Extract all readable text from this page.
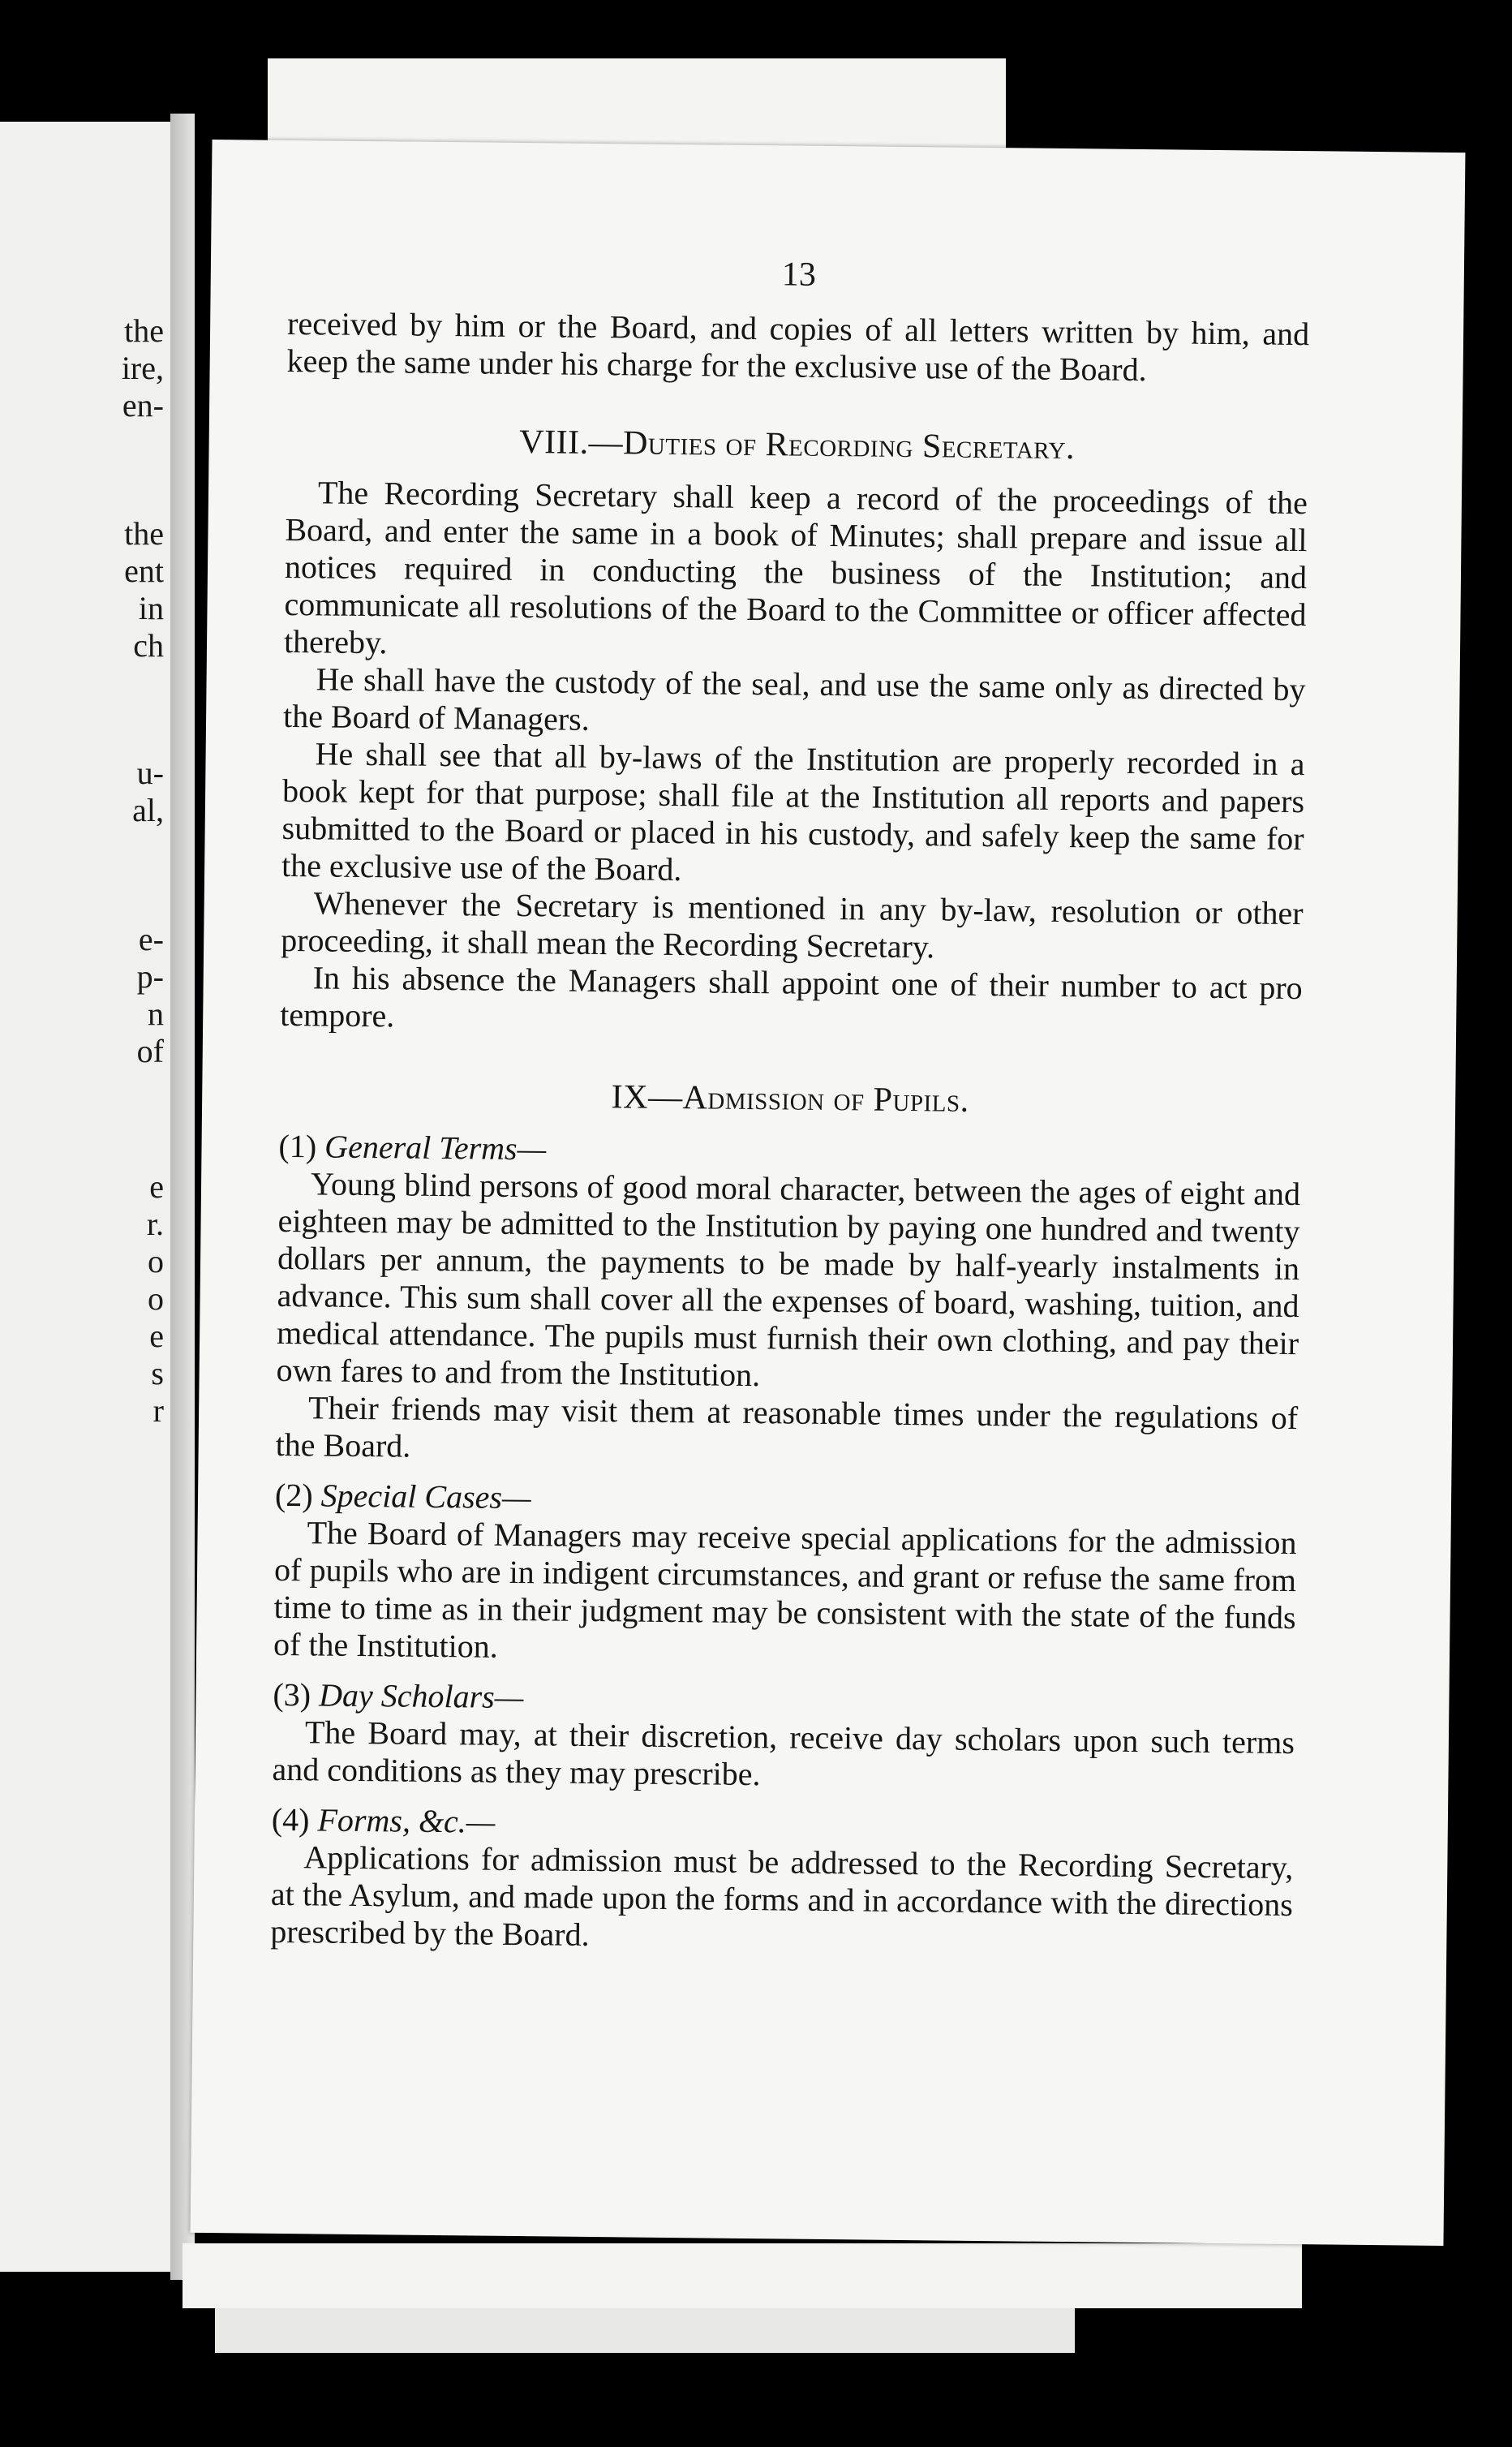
the
ire,
en-
the
ent
in
ch
u-
al,
e-
p-
n
of
e
r.
o
o
e
s
r
13

received by him or the Board, and copies of all letters written by him, and keep the same under his charge for the exclusive use of the Board.

VIII.—Duties of Recording Secretary.

The Recording Secretary shall keep a record of the proceedings of the Board, and enter the same in a book of Minutes; shall prepare and issue all notices required in conducting the business of the Institution; and communicate all resolutions of the Board to the Committee or officer affected thereby.

He shall have the custody of the seal, and use the same only as directed by the Board of Managers.

He shall see that all by-laws of the Institution are properly recorded in a book kept for that purpose; shall file at the Institution all reports and papers submitted to the Board or placed in his custody, and safely keep the same for the exclusive use of the Board.

Whenever the Secretary is mentioned in any by-law, resolution or other proceeding, it shall mean the Recording Secretary.

In his absence the Managers shall appoint one of their number to act pro tempore.

IX—Admission of Pupils.
(1) General Terms—

Young blind persons of good moral character, between the ages of eight and eighteen may be admitted to the Institution by paying one hundred and twenty dollars per annum, the payments to be made by half-yearly instalments in advance. This sum shall cover all the expenses of board, washing, tuition, and medical attendance. The pupils must furnish their own clothing, and pay their own fares to and from the Institution.

Their friends may visit them at reasonable times under the regulations of the Board.

(2) Special Cases—

The Board of Managers may receive special applications for the admission of pupils who are in indigent circumstances, and grant or refuse the same from time to time as in their judgment may be consistent with the state of the funds of the Institution.

(3) Day Scholars—

The Board may, at their discretion, receive day scholars upon such terms and conditions as they may prescribe.

(4) Forms, &c.—

Applications for admission must be addressed to the Recording Secretary, at the Asylum, and made upon the forms and in accordance with the directions prescribed by the Board.
